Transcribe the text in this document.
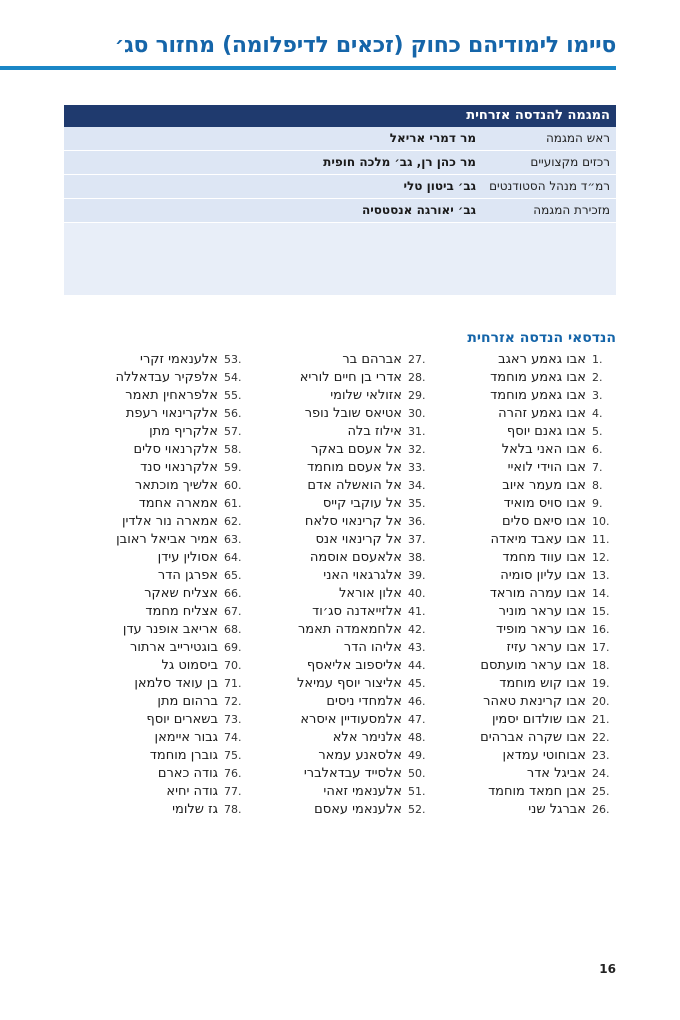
סיימו לימודיהם כחוק (זכאים לדיפלומה) מחזור סג׳
המגמה להנדסה אזרחית
ראש המגמה
מר דמרי אריאל
רכזים מקצועיים
מר כהן רן, גב׳ מלכה חופית
רמ״ד מנהל הסטודנטים
גב׳ ביטון טלי
מזכירת המגמה
גב׳ יאורגה אנסטסיה
הנדסאי הנדסה אזרחית
1.אבו גאמע ראגב
2.אבו גאמע מוחמד
3.אבו גאמע מוחמד
4.אבו גאמע זהרה
5.אבו גאנם יוסף
6.אבו האני בלאל
7.אבו הוידי לואיי
8.אבו מעמר איוב
9.אבו סויס מואיד
10.אבו סיאם סלים
11.אבו עאבד מיאדה
12.אבו עווד מחמד
13.אבו עליון סומיה
14.אבו עמרה מוראד
15.אבו עראר מוניר
16.אבו עראר מופיד
17.אבו עראר עזיז
18.אבו עראר מועתסם
19.אבו קוש מוחמד
20.אבו קרינאת טאהר
21.אבו שולדום יסמין
22.אבו שקרה אברהים
23.אבוחוטי עמדאן
24.אביגל אדר
25.אבן חמאד מוחמד
26.אברגל שני
27.אברהם בר
28.אדרי בן חיים לוריא
29.אזולאי שלומי
30.אטיאס שובל נופר
31.אילוז בלה
32.אל אעסם באקר
33.אל אעסם מוחמד
34.אל הואשלה אדם
35.אל עוקבי קייס
36.אל קרינאוי סלאח
37.אל קרינאוי אנס
38.אלאעסם אוסמה
39.אלגרגאוי האני
40.אלון אוראל
41.אלזייאדנה סג׳וד
42.אלחמאמדה תאמר
43.אליהו הדר
44.אליספוב אליאסף
45.אליצור יוסף עמיאל
46.אלמחדי ניסים
47.אלמסעודיין איסרא
48.אלנימר אלא
49.אלסאנע עמאר
50.אלסייד עבדאלברי
51.אלענאמי זאהי
52.אלענאמי עאסם
53.אלענאמי זקרי
54.אלפקיר עבדאללה
55.אלפראחין תאמר
56.אלקרינאוי רעפת
57.אלקריף מתן
58.אלקרנאוי סלים
59.אלקרנאוי סנד
60.אלשיך מוכתאר
61.אמארה אחמד
62.אמארה נור אלדין
63.אמיר אביאל ראובן
64.אסולין עידן
65.אפרגן הדר
66.אצליח שאקר
67.אצליח מחמד
68.אריאב אופנר עדן
69.בוגטירייב ארתור
70.ביסמוט גל
71.בן עואד סלמאן
72.ברהום מתן
73.בשארים יוסף
74.גבור איימאן
75.גוברן מוחמד
76.גודה כארם
77.גודה יחיא
78.גז שלומי
16
